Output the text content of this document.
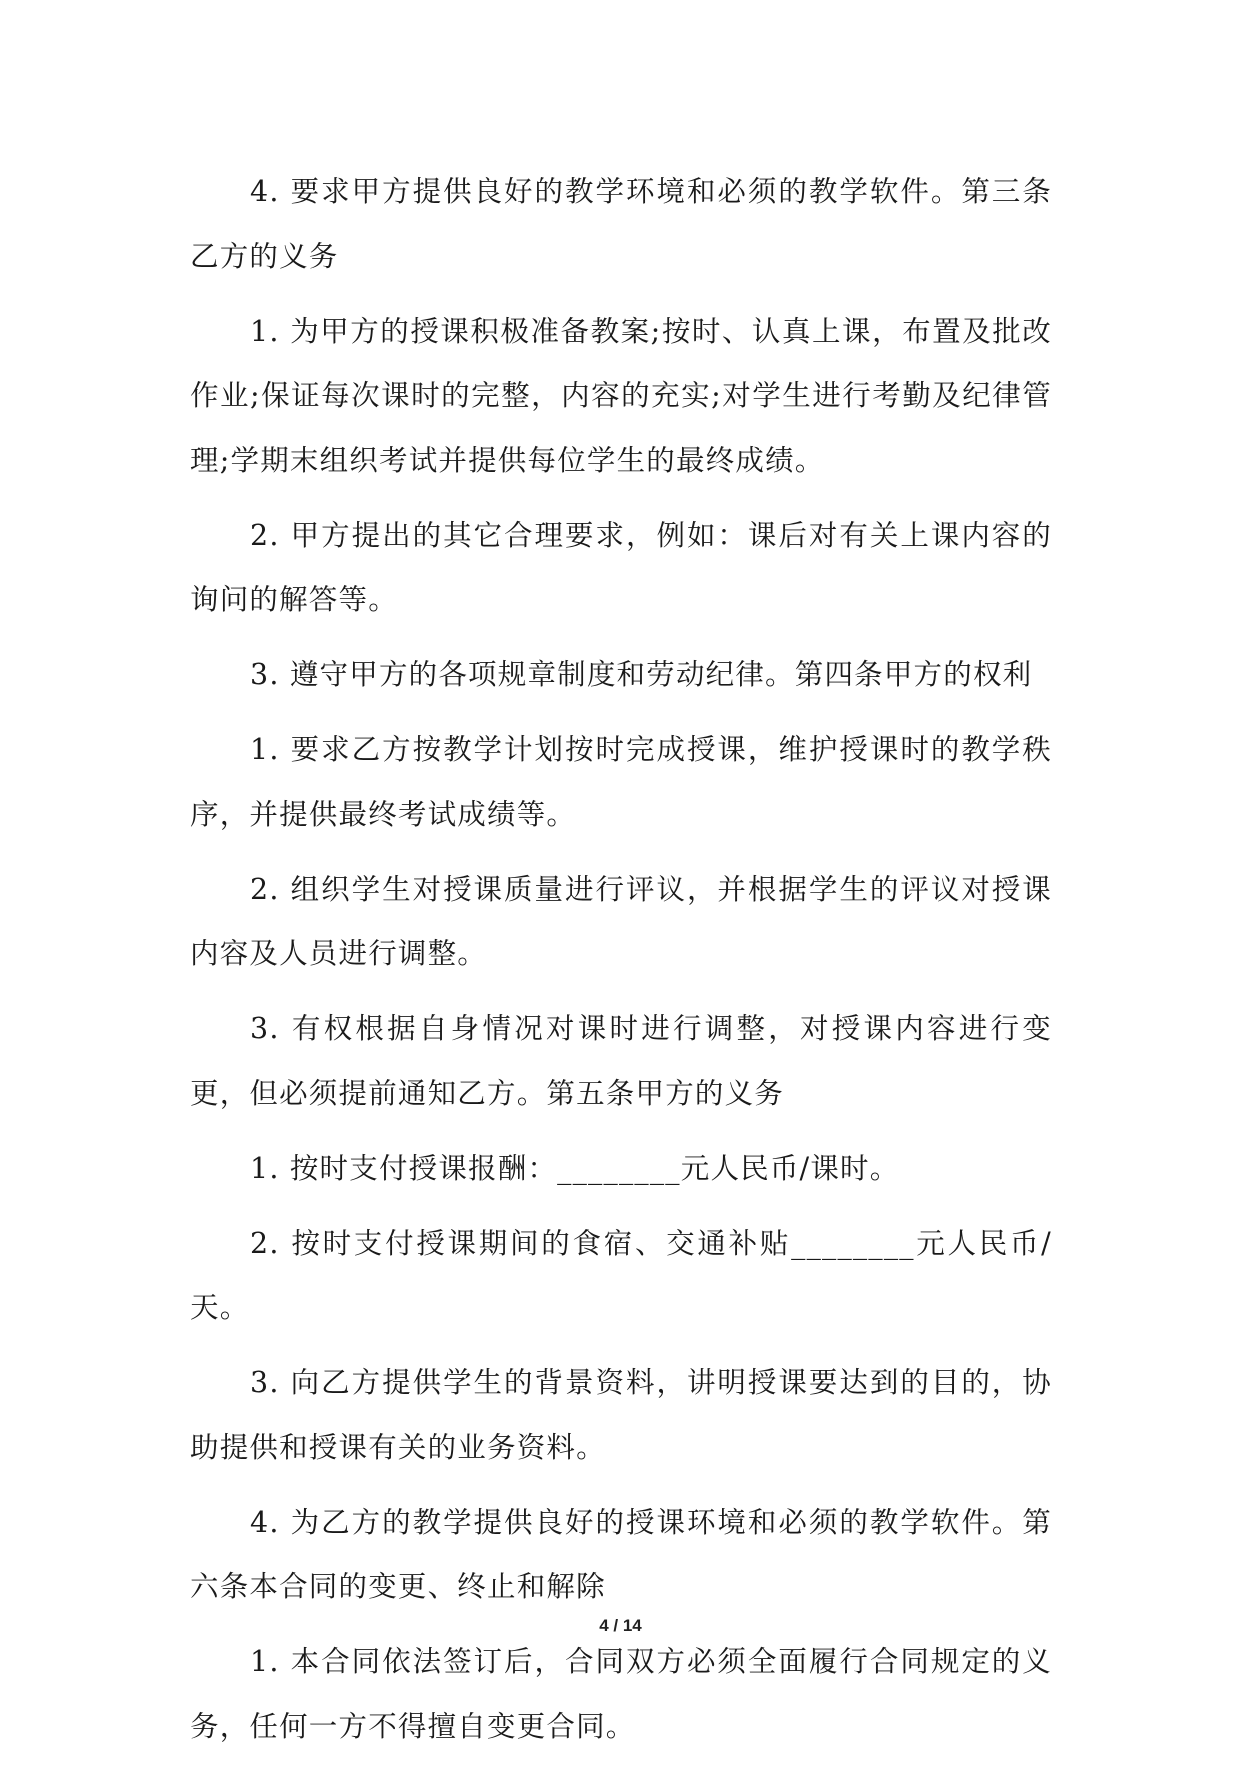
4. 要求甲方提供良好的教学环境和必须的教学软件。第三条乙方的义务

1. 为甲方的授课积极准备教案;按时、认真上课，布置及批改作业;保证每次课时的完整，内容的充实;对学生进行考勤及纪律管理;学期末组织考试并提供每位学生的最终成绩。

2. 甲方提出的其它合理要求，例如：课后对有关上课内容的询问的解答等。

3. 遵守甲方的各项规章制度和劳动纪律。第四条甲方的权利

1. 要求乙方按教学计划按时完成授课，维护授课时的教学秩序，并提供最终考试成绩等。

2. 组织学生对授课质量进行评议，并根据学生的评议对授课内容及人员进行调整。

3. 有权根据自身情况对课时进行调整，对授课内容进行变更，但必须提前通知乙方。第五条甲方的义务

1. 按时支付授课报酬：________元人民币/课时。

2. 按时支付授课期间的食宿、交通补贴________元人民币/天。

3. 向乙方提供学生的背景资料，讲明授课要达到的目的，协助提供和授课有关的业务资料。

4. 为乙方的教学提供良好的授课环境和必须的教学软件。第六条本合同的变更、终止和解除

1. 本合同依法签订后，合同双方必须全面履行合同规定的义务，任何一方不得擅自变更合同。

4 / 14
